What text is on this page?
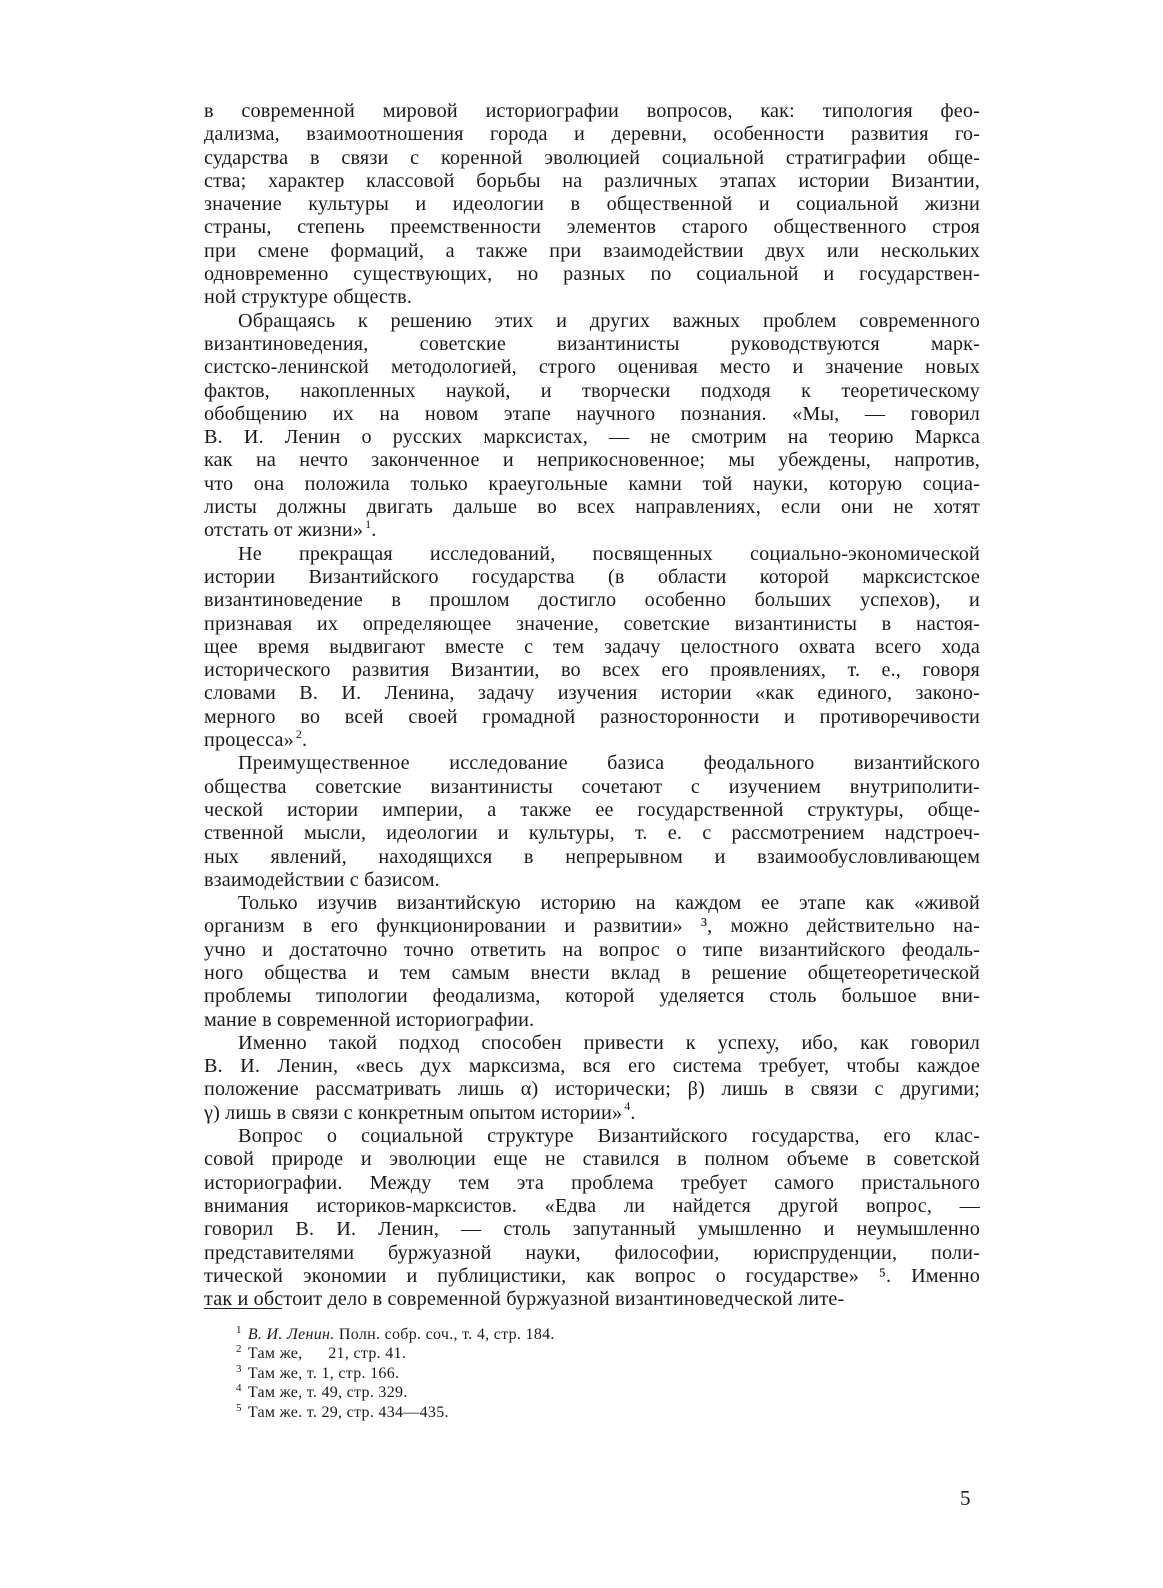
в современной мировой историографии вопросов, как: типология фео-
дализма, взаимоотношения города и деревни, особенности развития го-
сударства в связи с коренной эволюцией социальной стратиграфии обще-
ства; характер классовой борьбы на различных этапах истории Византии,
значение культуры и идеологии в общественной и социальной жизни
страны, степень преемственности элементов старого общественного строя
при смене формаций, а также при взаимодействии двух или нескольких
одновременно существующих, но разных по социальной и государствен-
ной структуре обществ.
Обращаясь к решению этих и других важных проблем современного
византиноведения, советские византинисты руководствуются марк-
систско-ленинской методологией, строго оценивая место и значение новых
фактов, накопленных наукой, и творчески подходя к теоретическому
обобщению их на новом этапе научного познания. «Мы, — говорил
В. И. Ленин о русских марксистах, — не смотрим на теорию Маркса
как на нечто законченное и неприкосновенное; мы убеждены, напротив,
что она положила только краеугольные камни той науки, которую социа-
листы должны двигать дальше во всех направлениях, если они не хотят
отстать от жизни» $^1$.
Не прекращая исследований, посвященных социально-экономической
истории Византийского государства (в области которой марксистское
византиноведение в прошлом достигло особенно больших успехов), и
признавая их определяющее значение, советские византинисты в настоя-
щее время выдвигают вместе с тем задачу целостного охвата всего хода
исторического развития Византии, во всех его проявлениях, т. е., говоря
словами В. И. Ленина, задачу изучения истории «как единого, законо-
мерного во всей своей громадной разносторонности и противоречивости
процесса» $^2$.
Преимущественное исследование базиса феодального византийского
общества советские византинисты сочетают с изучением внутриполити-
ческой истории империи, а также ее государственной структуры, обще-
ственной мысли, идеологии и культуры, т. е. с рассмотрением надстроеч-
ных явлений, находящихся в непрерывном и взаимообусловливающем
взаимодействии с базисом.
Только изучив византийскую историю на каждом ее этапе как «живой
организм в его функционировании и развитии» ³, можно действительно на-
учно и достаточно точно ответить на вопрос о типе византийского феодаль-
ного общества и тем самым внести вклад в решение общетеоретической
проблемы типологии феодализма, которой уделяется столь большое вни-
мание в современной историографии.
Именно такой подход способен привести к успеху, ибо, как говорил
В. И. Ленин, «весь дух марксизма, вся его система требует, чтобы каждое
положение рассматривать лишь α) исторически; β) лишь в связи с другими;
γ) лишь в связи с конкретным опытом истории» $^4$.
Вопрос о социальной структуре Византийского государства, его клас-
совой природе и эволюции еще не ставился в полном объеме в советской
историографии. Между тем эта проблема требует самого пристального
внимания историков-марксистов. «Едва ли найдется другой вопрос, —
говорил В. И. Ленин, — столь запутанный умышленно и неумышленно
представителями буржуазной науки, философии, юриспруденции, поли-
тической экономии и публицистики, как вопрос о государстве» ⁵. Именно
так и обстоит дело в современной буржуазной византиноведческой лите-
$^1$ В. И. Ленин. Полн. собр. соч., т. 4, стр. 184.
$^2$ Там же,      21, стр. 41.
$^3$ Там же, т. 1, стр. 166.
$^4$ Там же, т. 49, стр. 329.
$^5$ Там же. т. 29, стр. 434—435.
5
